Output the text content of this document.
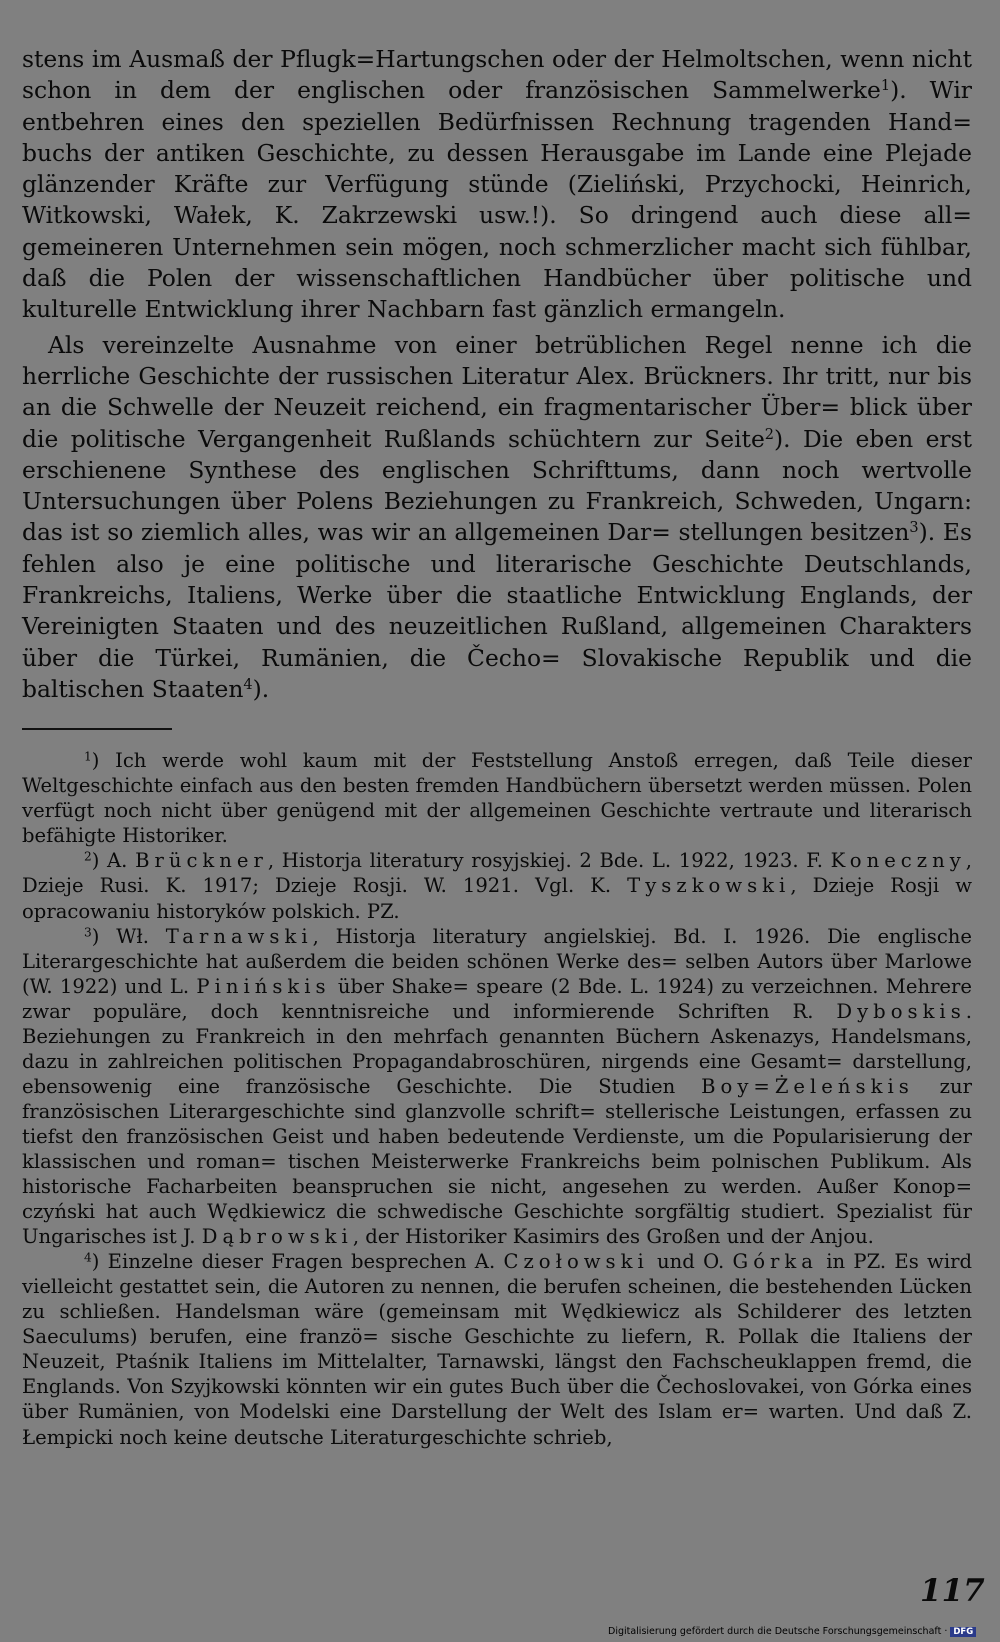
stens im Ausmaß der Pflugk=Hartungschen oder der Helmoltschen, wenn nicht schon in dem der englischen oder französischen Sammelwerke$^1$). Wir entbehren eines den speziellen Bedürfnissen Rechnung tragenden Hand= buchs der antiken Geschichte, zu dessen Herausgabe im Lande eine Plejade glänzender Kräfte zur Verfügung stünde (Zieliński, Przychocki, Heinrich, Witkowski, Wałek, K. Zakrzewski usw.!). So dringend auch diese all= gemeineren Unternehmen sein mögen, noch schmerzlicher macht sich fühlbar, daß die Polen der wissenschaftlichen Handbücher über politische und kulturelle Entwicklung ihrer Nachbarn fast gänzlich ermangeln.

Als vereinzelte Ausnahme von einer betrüblichen Regel nenne ich die herrliche Geschichte der russischen Literatur Alex. Brückners. Ihr tritt, nur bis an die Schwelle der Neuzeit reichend, ein fragmentarischer Über= blick über die politische Vergangenheit Rußlands schüchtern zur Seite$^2$). Die eben erst erschienene Synthese des englischen Schrifttums, dann noch wertvolle Untersuchungen über Polens Beziehungen zu Frankreich, Schweden, Ungarn: das ist so ziemlich alles, was wir an allgemeinen Dar= stellungen besitzen$^3$). Es fehlen also je eine politische und literarische Geschichte Deutschlands, Frankreichs, Italiens, Werke über die staatliche Entwicklung Englands, der Vereinigten Staaten und des neuzeitlichen Rußland, allgemeinen Charakters über die Türkei, Rumänien, die Čecho= Slovakische Republik und die baltischen Staaten$^4$).

$^1$) Ich werde wohl kaum mit der Feststellung Anstoß erregen, daß Teile dieser Weltgeschichte einfach aus den besten fremden Handbüchern übersetzt werden müssen. Polen verfügt noch nicht über genügend mit der allgemeinen Geschichte vertraute und literarisch befähigte Historiker.

$^2$) A. Brückner, Historja literatury rosyjskiej. 2 Bde. L. 1922, 1923. F. Koneczny, Dzieje Rusi. K. 1917; Dzieje Rosji. W. 1921. Vgl. K. Tyszkowski, Dzieje Rosji w opracowaniu historyków polskich. PZ.

$^3$) Wł. Tarnawski, Historja literatury angielskiej. Bd. I. 1926. Die englische Literargeschichte hat außerdem die beiden schönen Werke des= selben Autors über Marlowe (W. 1922) und L. Pinińskis über Shake= speare (2 Bde. L. 1924) zu verzeichnen. Mehrere zwar populäre, doch kenntnisreiche und informierende Schriften R. Dyboskis. Beziehungen zu Frankreich in den mehrfach genannten Büchern Askenazys, Handelsmans, dazu in zahlreichen politischen Propagandabroschüren, nirgends eine Gesamt= darstellung, ebensowenig eine französische Geschichte. Die Studien Boy=Żeleńskis zur französischen Literargeschichte sind glanzvolle schrift= stellerische Leistungen, erfassen zu tiefst den französischen Geist und haben bedeutende Verdienste, um die Popularisierung der klassischen und roman= tischen Meisterwerke Frankreichs beim polnischen Publikum. Als historische Facharbeiten beanspruchen sie nicht, angesehen zu werden. Außer Konop= czyński hat auch Wędkiewicz die schwedische Geschichte sorgfältig studiert. Spezialist für Ungarisches ist J. Dąbrowski, der Historiker Kasimirs des Großen und der Anjou.

$^4$) Einzelne dieser Fragen besprechen A. Czołowski und O. Górka in PZ. Es wird vielleicht gestattet sein, die Autoren zu nennen, die berufen scheinen, die bestehenden Lücken zu schließen. Handelsman wäre (gemeinsam mit Wędkiewicz als Schilderer des letzten Saeculums) berufen, eine franzö= sische Geschichte zu liefern, R. Pollak die Italiens der Neuzeit, Ptaśnik Italiens im Mittelalter, Tarnawski, längst den Fachscheuklappen fremd, die Englands. Von Szyjkowski könnten wir ein gutes Buch über die Čechoslovakei, von Górka eines über Rumänien, von Modelski eine Darstellung der Welt des Islam er= warten. Und daß Z. Łempicki noch keine deutsche Literaturgeschichte schrieb,

117
Digitalisierung gefördert durch die Deutsche Forschungsgemeinschaft · DFG
